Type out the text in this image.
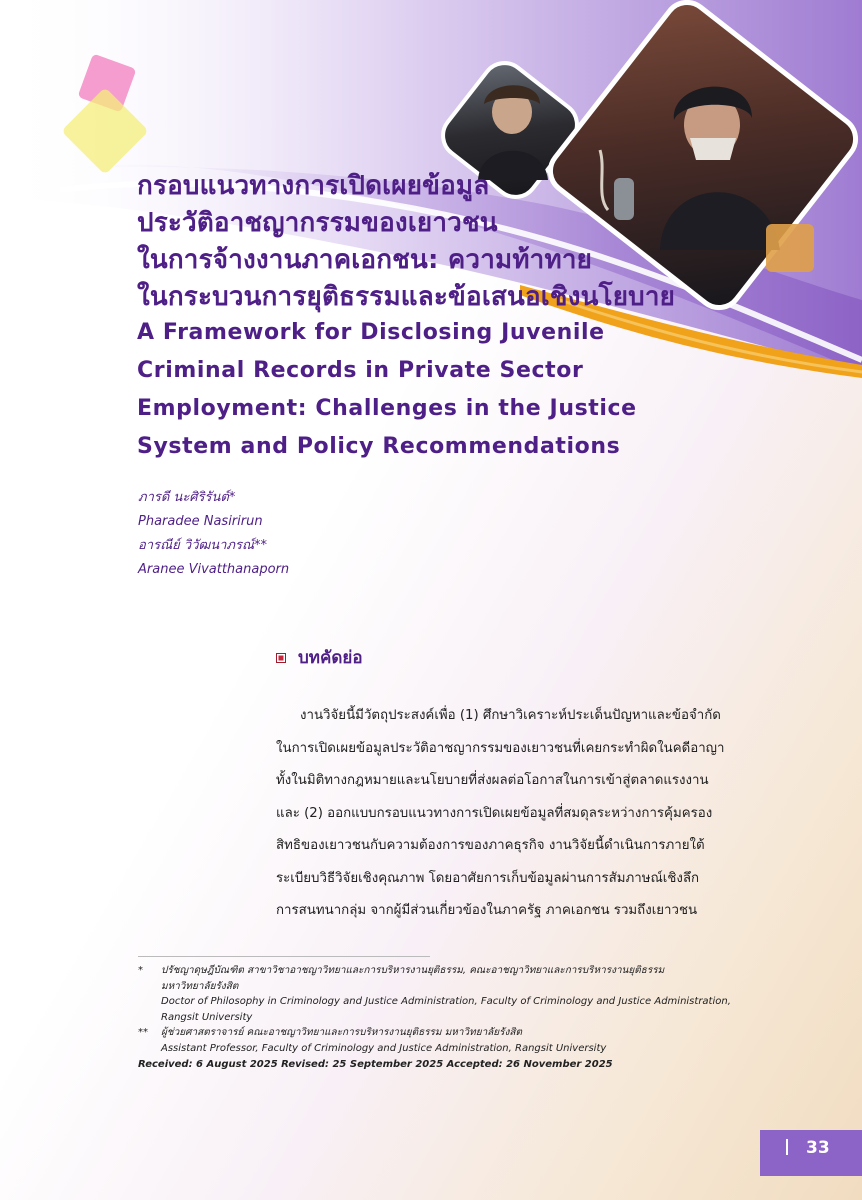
กรอบแนวทางการเปิดเผยข้อมูล
ประวัติอาชญากรรมของเยาวชน
ในการจ้างงานภาคเอกชน: ความท้าทาย
ในกระบวนการยุติธรรมและข้อเสนอเชิงนโยบาย
A Framework for Disclosing Juvenile
Criminal Records in Private Sector
Employment: Challenges in the Justice
System and Policy Recommendations
ภารดี นะศิริรันต์*
Pharadee Nasirirun
อารณีย์ วิวัฒนาภรณ์**
Aranee Vivatthanaporn
บทคัดย่อ
งานวิจัยนี้มีวัตถุประสงค์เพื่อ (1) ศึกษาวิเคราะห์ประเด็นปัญหาและข้อจำกัด
ในการเปิดเผยข้อมูลประวัติอาชญากรรมของเยาวชนที่เคยกระทำผิดในคดีอาญา
ทั้งในมิติทางกฎหมายและนโยบายที่ส่งผลต่อโอกาสในการเข้าสู่ตลาดแรงงาน
และ (2) ออกแบบกรอบแนวทางการเปิดเผยข้อมูลที่สมดุลระหว่างการคุ้มครอง
สิทธิของเยาวชนกับความต้องการของภาคธุรกิจ งานวิจัยนี้ดำเนินการภายใต้
ระเบียบวิธีวิจัยเชิงคุณภาพ โดยอาศัยการเก็บข้อมูลผ่านการสัมภาษณ์เชิงลึก
การสนทนากลุ่ม จากผู้มีส่วนเกี่ยวข้องในภาครัฐ ภาคเอกชน รวมถึงเยาวชน
*	ปรัชญาดุษฎีบัณฑิต สาขาวิชาอาชญาวิทยาและการบริหารงานยุติธรรม, คณะอาชญาวิทยาและการบริหารงานยุติธรรม
มหาวิทยาลัยรังสิต
Doctor of Philosophy in Criminology and Justice Administration, Faculty of Criminology and Justice Administration,
Rangsit University
**	ผู้ช่วยศาสตราจารย์ คณะอาชญาวิทยาและการบริหารงานยุติธรรม มหาวิทยาลัยรังสิต
Assistant Professor, Faculty of Criminology and Justice Administration, Rangsit University
Received: 6 August 2025 Revised: 25 September 2025 Accepted: 26 November 2025
33
